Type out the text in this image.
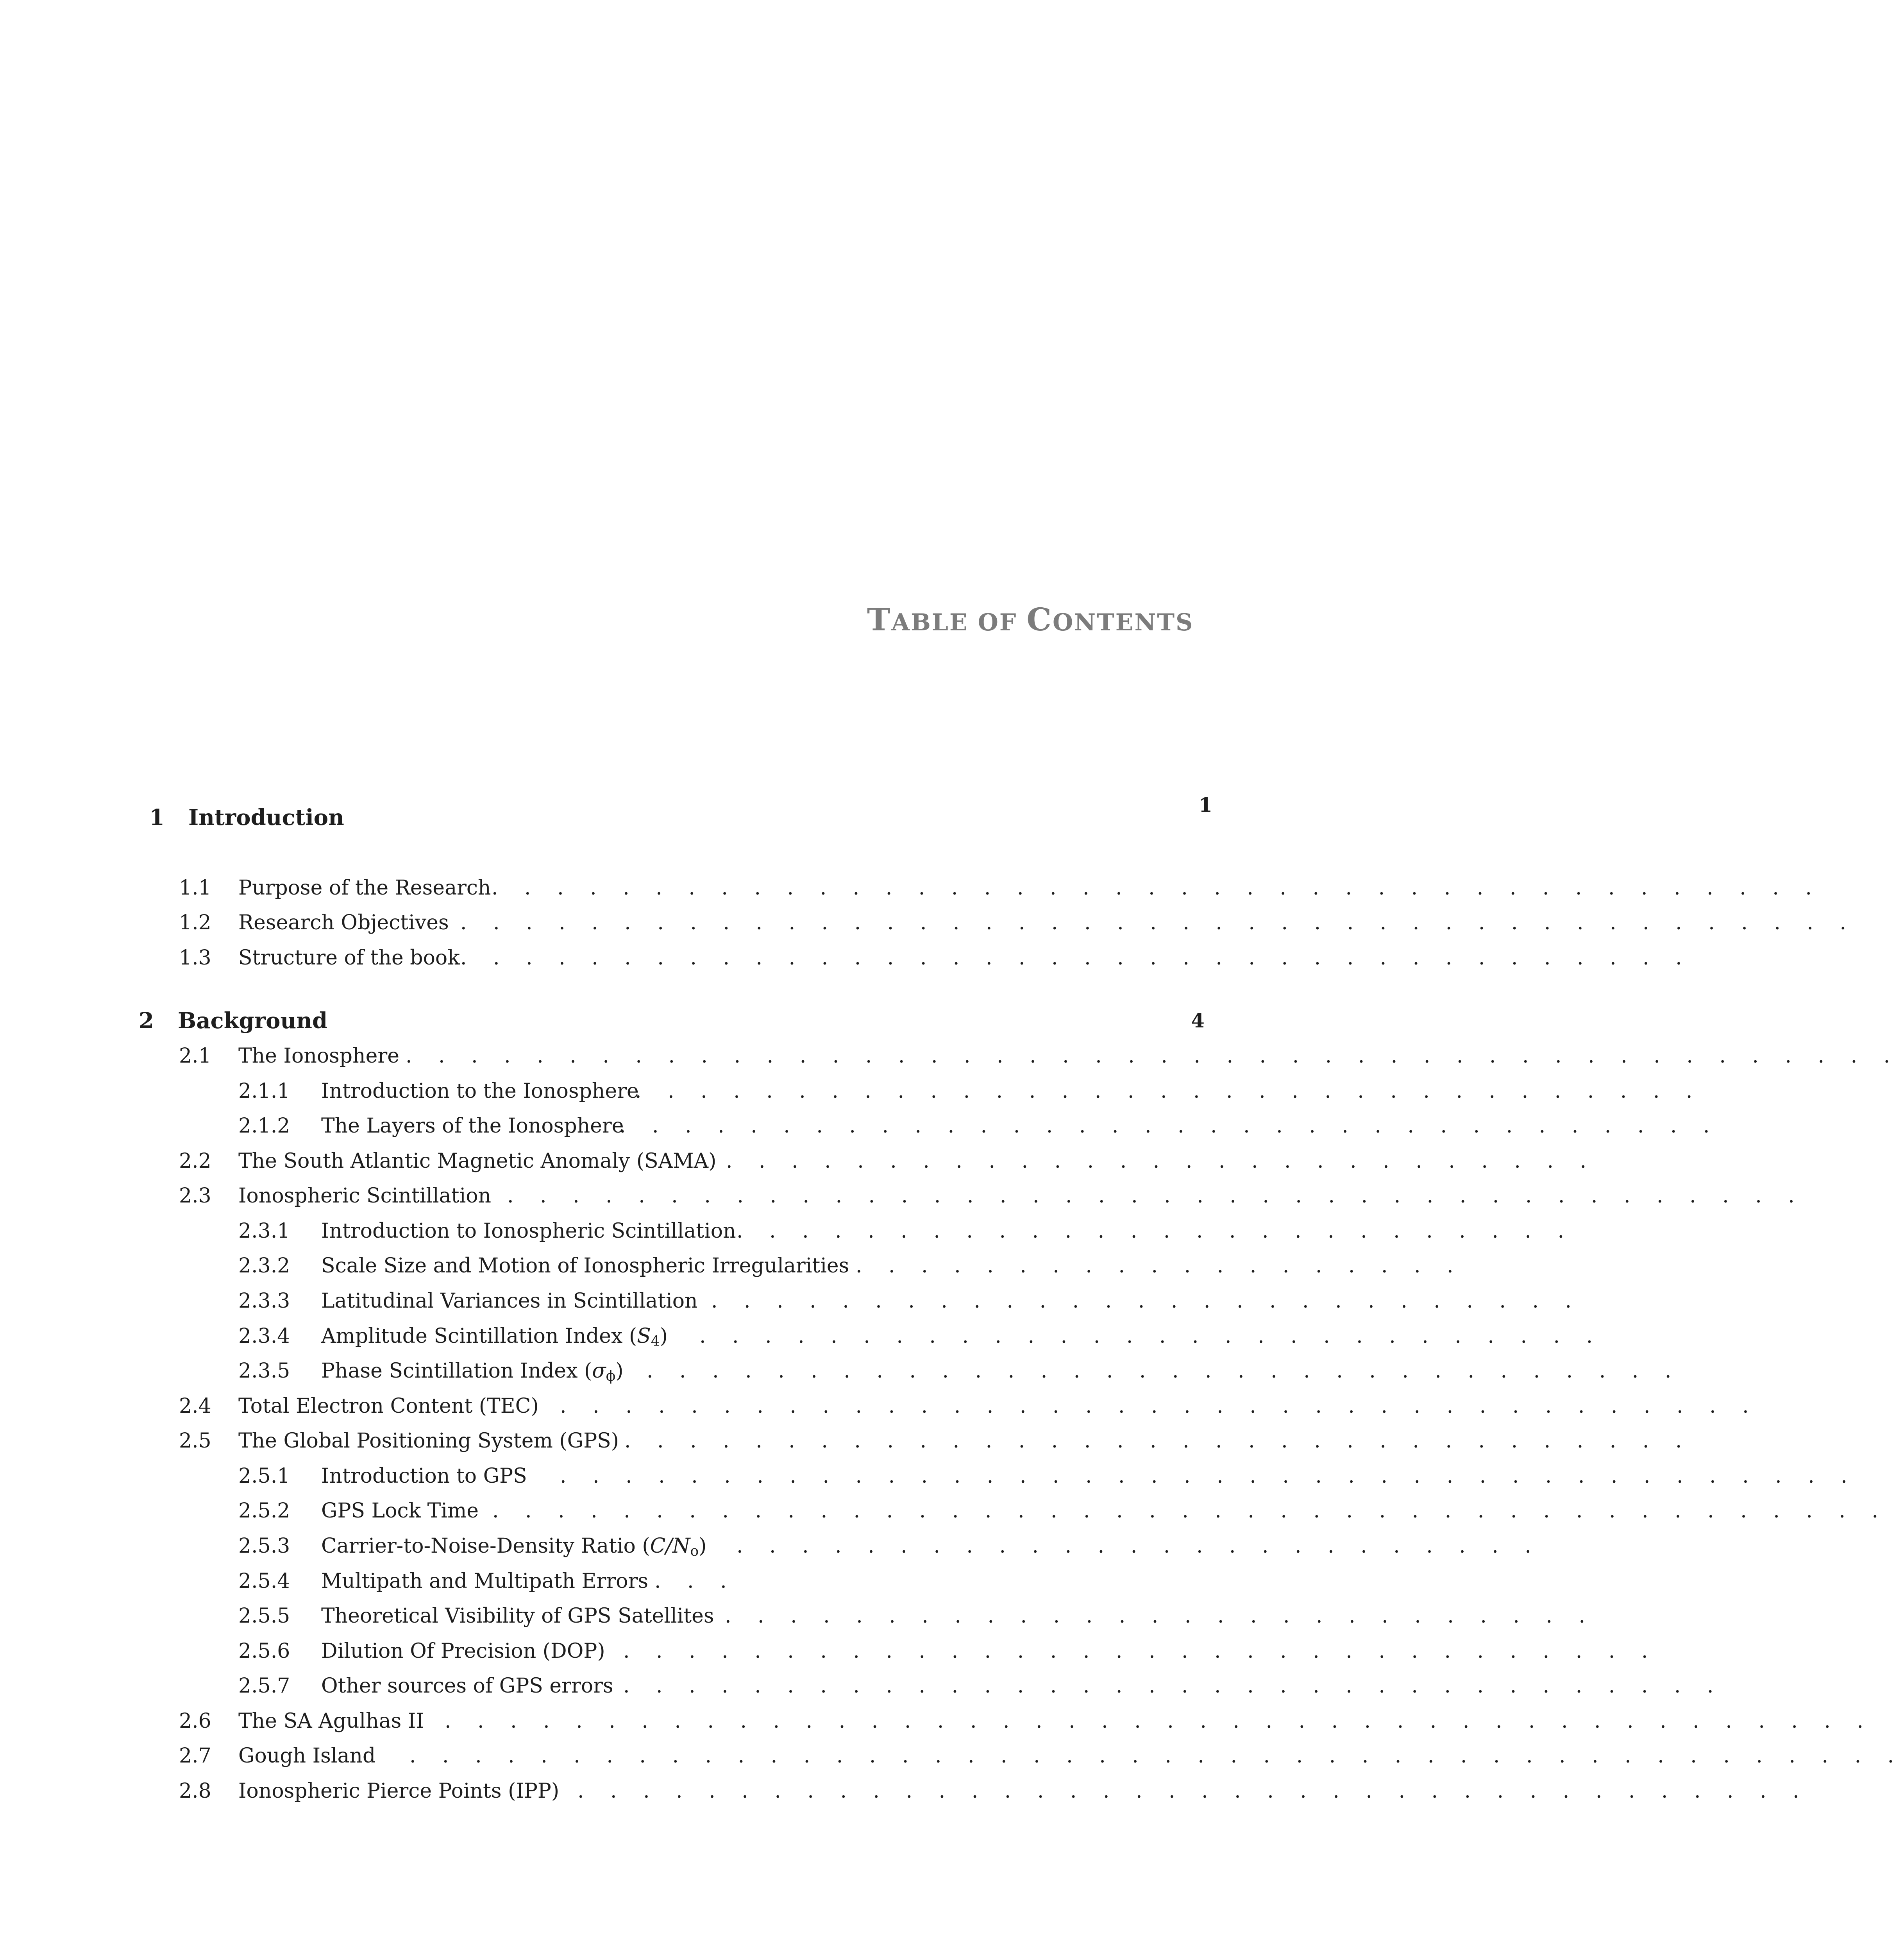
TABLE OF CONTENTS
1 Introduction	1
1.1 Purpose of the Research . . . . . . . . . . . . . . . . . . . . . . . . . . . . . . . . . . . . . . . . .
1.2 Research Objectives . . . . . . . . . . . . . . . . . . . . . . . . . . . . . . . . . . . . . . . . . . .
1.3 Structure of the book . . . . . . . . . . . . . . . . . . . . . . . . . . . . . . . . . . . . . .
2 Background	4
2.1 The Ionosphere . . . . . . . . . . . . . . . . . . . . . . . . . . . . . . . . . . . . . . . . . . . . . .
2.1.1 Introduction to the Ionosphere
. . . . . . . . . . . . . . . . . . . . . . . . . . . . . . . . .
2.1.2 The Layers of the Ionosphere
. . . . . . . . . . . . . . . . . . . . . . . . . . . . . . . . . .
2.2 The South Atlantic Magnetic Anomaly (SAMA) . . . . . . . . . . . . . . . . . . . . . . . . . . .
2.3 Ionospheric Scintillation . . . . . . . . . . . . . . . . . . . . . . . . . . . . . . . . . . . . . . . .
2.3.1 Introduction to Ionospheric Scintillation . . . . . . . . . . . . . . . . . . . . . . . . . .
2.3.2 Scale Size and Motion of Ionospheric Irregularities . . . . . . . . . . . . . . . . . . .
2.3.3 Latitudinal Variances in Scintillation . . . . . . . . . . . . . . . . . . . . . . . . . . .
2.3.4 Amplitude Scintillation Index $(S_4)$ . . . . . . . . . . . . . . . . . . . . . . . . . . . .
2.3.5 Phase Scintillation Index $(\sigma_\phi)$ . . . . . . . . . . . . . . . . . . . . . . . . . . . . . . . .
2.4 Total Electron Content (TEC) . . . . . . . . . . . . . . . . . . . . . . . . . . . . . . . . . . . . .
2.5 The Global Positioning System (GPS) . . . . . . . . . . . . . . . . . . . . . . . . . . . . . . . . .
2.5.1 Introduction to GPS . . . . . . . . . . . . . . . . . . . . . . . . . . . . . . . . . . . . . . . .
2.5.2 GPS Lock Time . . . . . . . . . . . . . . . . . . . . . . . . . . . . . . . . . . . . . . . . . . .
2.5.3 Carrier-to-Noise-Density Ratio $(C/N_o)$ . . . . . . . . . . . . . . . . . . . . . . . . .
2.5.4 Multipath and Multipath Errors . . .
2.5.5 Theoretical Visibility of GPS Satellites . . . . . . . . . . . . . . . . . . . . . . . . . . .
2.5.6 Dilution Of Precision (DOP) . . . . . . . . . . . . . . . . . . . . . . . . . . . . . . . .
2.5.7 Other sources of GPS errors . . . . . . . . . . . . . . . . . . . . . . . . . . . . . . . . . .
2.6 The SA Agulhas II . . . . . . . . . . . . . . . . . . . . . . . . . . . . . . . . . . . . . . . . . . . .
2.7 Gough Island . . . . . . . . . . . . . . . . . . . . . . . . . . . . . . . . . . . . . . . . . . . . . .
2.8 Ionospheric Pierce Points (IPP) . . . . . . . . . . . . . . . . . . . . . . . . . . . . . . . . . . . . . .
